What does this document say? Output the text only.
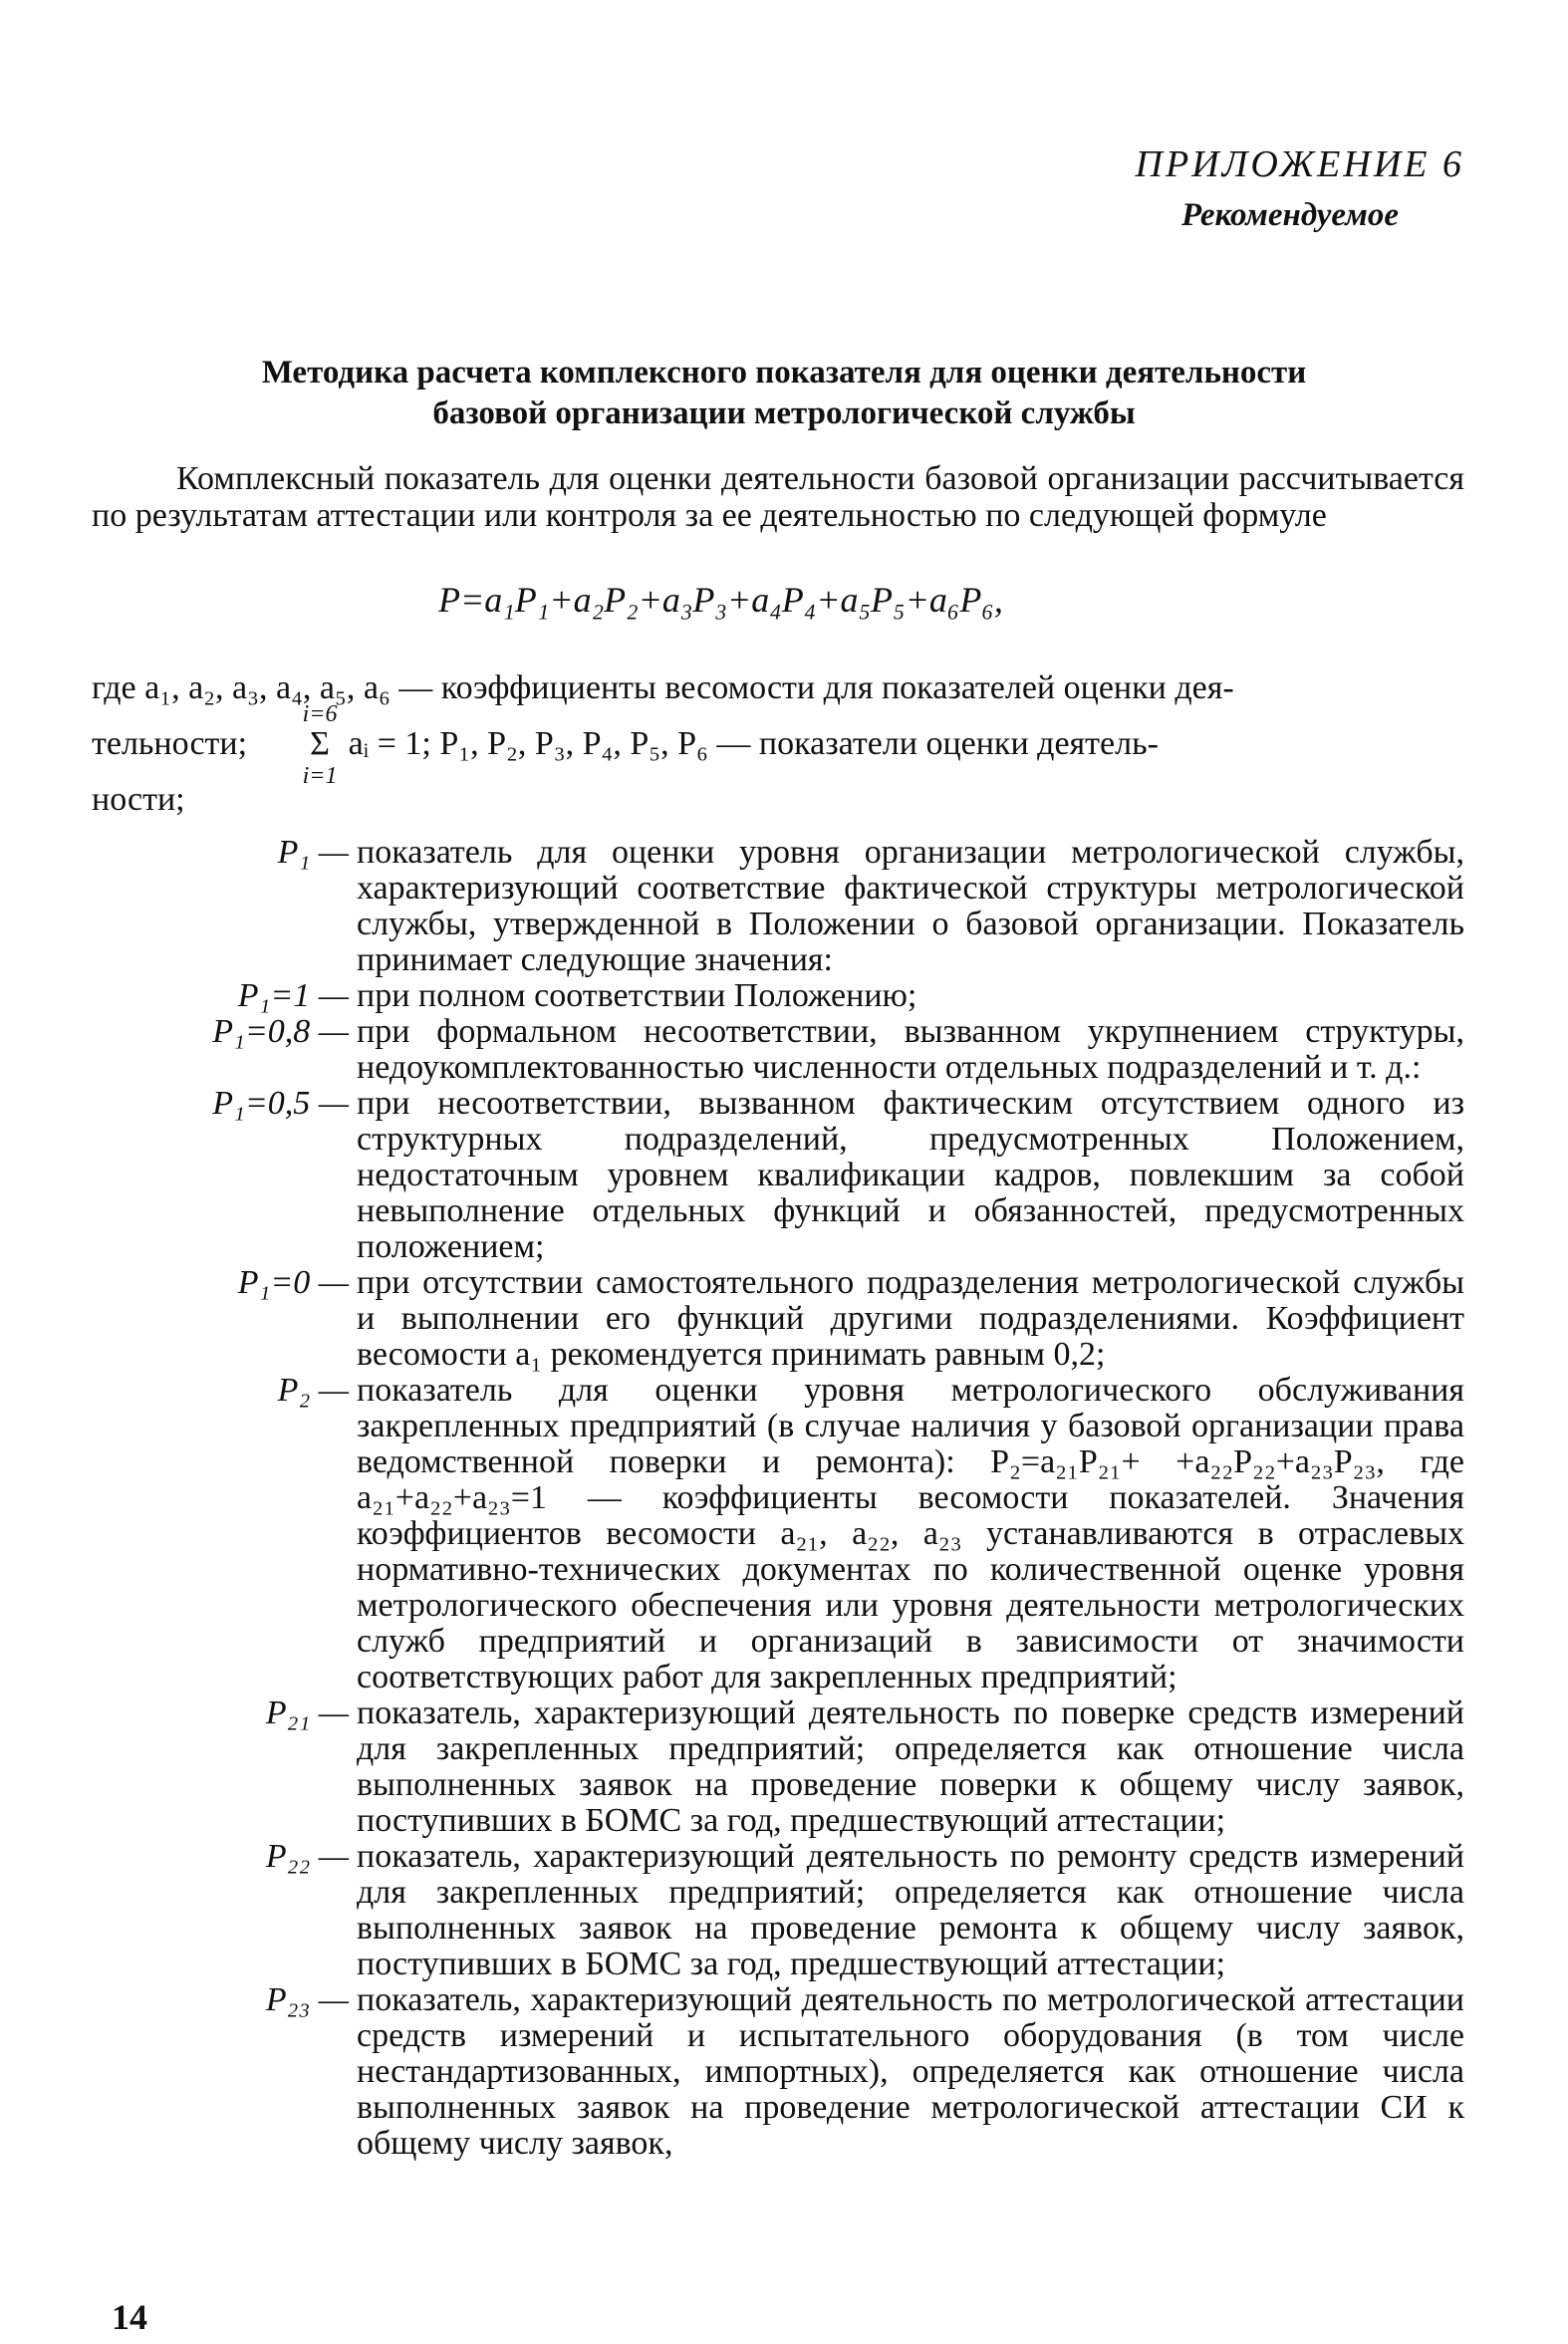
ПРИЛОЖЕНИЕ 6
Рекомендуемое
Методика расчета комплексного показателя для оценки деятельности
базовой организации метрологической службы

Комплексный показатель для оценки деятельности базовой организации рассчитывается по результатам аттестации или контроля за ее деятельностью по следующей формуле

P=a₁P₁+a₂P₂+a₃P₃+a₄P₄+a₅P₅+a₆P₆,

где a₁, a₂, a₃, a₄, a₅, a₆ — коэффициенты весомости для показателей оценки дея-

тельности;
i=6
Σ
i=1
aᵢ = 1; P₁, P₂, P₃, P₄, P₅, P₆ — показатели оценки деятель-

ности;

P₁ — показатель для оценки уровня организации метрологической службы, характеризующий соответствие фактической структуры метрологической службы, утвержденной в Положении о базовой организации. Показатель принимает следующие значения:
P₁=1 — при полном соответствии Положению;
P₁=0,8 — при формальном несоответствии, вызванном укрупнением структуры, недоукомплектованностью численности отдельных подразделений и т. д.:
P₁=0,5 — при несоответствии, вызванном фактическим отсутствием одного из структурных подразделений, предусмотренных Положением, недостаточным уровнем квалификации кадров, повлекшим за собой невыполнение отдельных функций и обязанностей, предусмотренных положением;
P₁=0 — при отсутствии самостоятельного подразделения метрологической службы и выполнении его функций другими подразделениями. Коэффициент весомости a₁ рекомендуется принимать равным 0,2;
P₂ — показатель для оценки уровня метрологического обслуживания закрепленных предприятий (в случае наличия у базовой организации права ведомственной поверки и ремонта): P₂=a₂₁P₂₁+ +a₂₂P₂₂+a₂₃P₂₃, где a₂₁+a₂₂+a₂₃=1 — коэффициенты весомости показателей. Значения коэффициентов весомости a₂₁, a₂₂, a₂₃ устанавливаются в отраслевых нормативно-технических документах по количественной оценке уровня метрологического обеспечения или уровня деятельности метрологических служб предприятий и организаций в зависимости от значимости соответствующих работ для закрепленных предприятий;
P₂₁ — показатель, характеризующий деятельность по поверке средств измерений для закрепленных предприятий; определяется как отношение числа выполненных заявок на проведение поверки к общему числу заявок, поступивших в БОМС за год, предшествующий аттестации;
P₂₂ — показатель, характеризующий деятельность по ремонту средств измерений для закрепленных предприятий; определяется как отношение числа выполненных заявок на проведение ремонта к общему числу заявок, поступивших в БОМС за год, предшествующий аттестации;
P₂₃ — показатель, характеризующий деятельность по метрологической аттестации средств измерений и испытательного оборудования (в том числе нестандартизованных, импортных), определяется как отношение числа выполненных заявок на проведение метрологической аттестации СИ к общему числу заявок,
14
